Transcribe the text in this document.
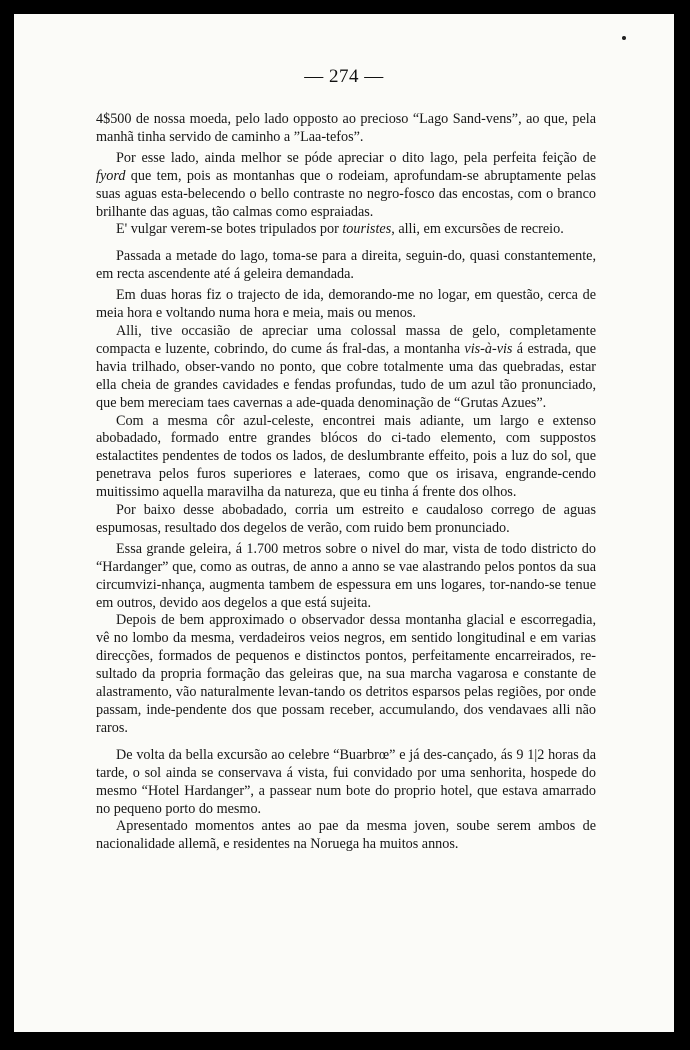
— 274 —

4$500 de nossa moeda, pelo lado opposto ao precioso “Lago Sand-vens”, ao que, pela manhã tinha servido de caminho a ”Laa-tefos”.

Por esse lado, ainda melhor se póde apreciar o dito lago, pela perfeita feição de fyord que tem, pois as montanhas que o rodeiam, aprofundam-se abruptamente pelas suas aguas esta-belecendo o bello contraste no negro-fosco das encostas, com o branco brilhante das aguas, tão calmas como espraiadas.

E' vulgar verem-se botes tripulados por touristes, alli, em excursões de recreio.

Passada a metade do lago, toma-se para a direita, seguin-do, quasi constantemente, em recta ascendente até á geleira demandada.

Em duas horas fiz o trajecto de ida, demorando-me no logar, em questão, cerca de meia hora e voltando numa hora e meia, mais ou menos.

Alli, tive occasião de apreciar uma colossal massa de gelo, completamente compacta e luzente, cobrindo, do cume ás fral-das, a montanha vis-à-vis á estrada, que havia trilhado, obser-vando no ponto, que cobre totalmente uma das quebradas, estar ella cheia de grandes cavidades e fendas profundas, tudo de um azul tão pronunciado, que bem mereciam taes cavernas a ade-quada denominação de “Grutas Azues”.

Com a mesma côr azul-celeste, encontrei mais adiante, um largo e extenso abobadado, formado entre grandes blócos do ci-tado elemento, com suppostos estalactites pendentes de todos os lados, de deslumbrante effeito, pois a luz do sol, que penetrava pelos furos superiores e lateraes, como que os irisava, engrande-cendo muitissimo aquella maravilha da natureza, que eu tinha á frente dos olhos.

Por baixo desse abobadado, corria um estreito e caudaloso corrego de aguas espumosas, resultado dos degelos de verão, com ruido bem pronunciado.

Essa grande geleira, á 1.700 metros sobre o nivel do mar, vista de todo districto do “Hardanger” que, como as outras, de anno a anno se vae alastrando pelos pontos da sua circumvizi-nhança, augmenta tambem de espessura em uns logares, tor-nando-se tenue em outros, devido aos degelos a que está sujeita.

Depois de bem approximado o observador dessa montanha glacial e escorregadia, vê no lombo da mesma, verdadeiros veios negros, em sentido longitudinal e em varias direcções, formados de pequenos e distinctos pontos, perfeitamente encarreirados, re-sultado da propria formação das geleiras que, na sua marcha vagarosa e constante de alastramento, vão naturalmente levan-tando os detritos esparsos pelas regiões, por onde passam, inde-pendente dos que possam receber, accumulando, dos vendavaes alli não raros.

De volta da bella excursão ao celebre “Buarbrœ” e já des-cançado, ás 9 1|2 horas da tarde, o sol ainda se conservava á vista, fui convidado por uma senhorita, hospede do mesmo “Hotel Hardanger”, a passear num bote do proprio hotel, que estava amarrado no pequeno porto do mesmo.

Apresentado momentos antes ao pae da mesma joven, soube serem ambos de nacionalidade allemã, e residentes na Noruega ha muitos annos.
